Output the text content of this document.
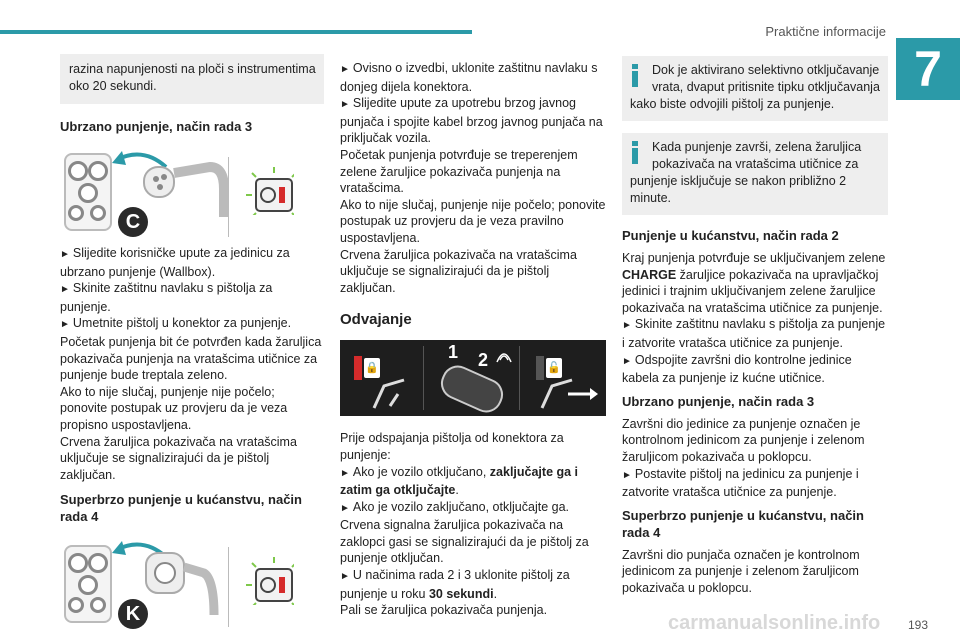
Praktične informacije
7
razina napunjenosti na ploči s instrumentima oko 20 sekundi.
Ubrzano punjenje, način rada 3
C

► Slijedite korisničke upute za jedinicu za ubrzano punjenje (Wallbox).

► Skinite zaštitnu navlaku s pištolja za punjenje.

► Umetnite pištolj u konektor za punjenje.

Početak punjenja bit će potvrđen kada žaruljica pokazivača punjenja na vratašcima utičnice za punjenje bude treptala zeleno.

Ako to nije slučaj, punjenje nije počelo; ponovite postupak uz provjeru da je veza propisno uspostavljena.

Crvena žaruljica pokazivača na vratašcima uključuje se signalizirajući da je pištolj zaključan.

Superbrzo punjenje u kućanstvu, način rada 4
K

► Ovisno o izvedbi, uklonite zaštitnu navlaku s donjeg dijela konektora.

► Slijedite upute za upotrebu brzog javnog punjača i spojite kabel brzog javnog punjača na priključak vozila.

Početak punjenja potvrđuje se treperenjem zelene žaruljice pokazivača punjenja na vratašcima.

Ako to nije slučaj, punjenje nije počelo; ponovite postupak uz provjeru da je veza pravilno uspostavljena.

Crvena žaruljica pokazivača na vratašcima uključuje se signalizirajući da je pištolj zaključan.

Odvajanje
🔒
1 2	🔓

Prije odspajanja pištolja od konektora za punjenje:

► Ako je vozilo otključano, zaključajte ga i zatim ga otključajte.

► Ako je vozilo zaključano, otključajte ga.

Crvena signalna žaruljica pokazivača na zaklopci gasi se signalizirajući da je pištolj za punjenje otključan.

► U načinima rada 2 i 3 uklonite pištolj za punjenje u roku 30 sekundi.

Pali se žaruljica pokazivača punjenja.

Dok je aktivirano selektivno otključavanje vrata, dvaput pritisnite tipku otključavanja kako biste odvojili pištolj za punjenje.
Kada punjenje završi, zelena žaruljica pokazivača na vratašcima utičnice za punjenje isključuje se nakon približno 2 minute.
Punjenje u kućanstvu, način rada 2

Kraj punjenja potvrđuje se uključivanjem zelene CHARGE žaruljice pokazivača na upravljačkoj jedinici i trajnim uključivanjem zelene žaruljice pokazivača na vratašcima utičnice za punjenje.

► Skinite zaštitnu navlaku s pištolja za punjenje i zatvorite vratašca utičnice za punjenje.

► Odspojite završni dio kontrolne jedinice kabela za punjenje iz kućne utičnice.

Ubrzano punjenje, način rada 3

Završni dio jedinice za punjenje označen je kontrolnom jedinicom za punjenje i zelenom žaruljicom pokazivača u poklopcu.

► Postavite pištolj na jedinicu za punjenje i zatvorite vratašca utičnice za punjenje.

Superbrzo punjenje u kućanstvu, način rada 4

Završni dio punjača označen je kontrolnom jedinicom za punjenje i zelenom žaruljicom pokazivača u poklopcu.

carmanualsonline.info 193
